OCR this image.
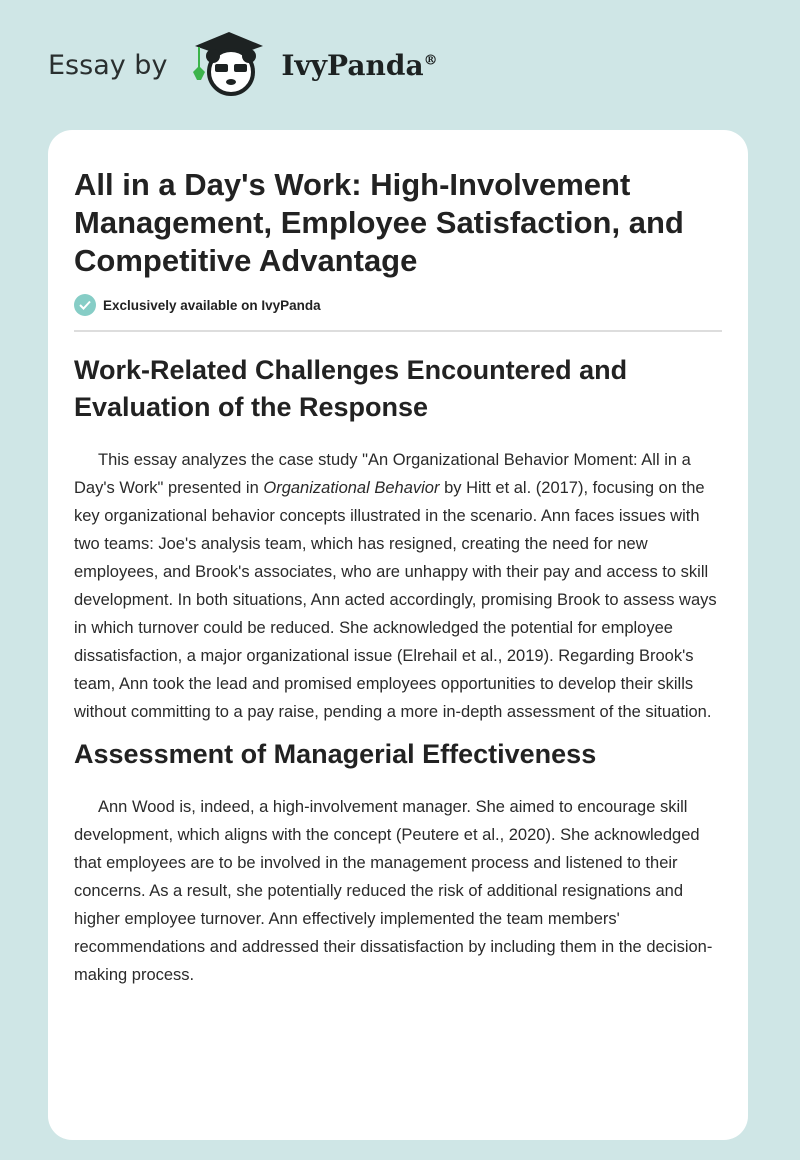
Essay by	IvyPanda®
All in a Day's Work: High-Involvement Management, Employee Satisfaction, and Competitive Advantage
Exclusively available on IvyPanda
Work-Related Challenges Encountered and Evaluation of the Response

This essay analyzes the case study "An Organizational Behavior Moment: All in a Day's Work" presented in Organizational Behavior by Hitt et al. (2017), focusing on the key organizational behavior concepts illustrated in the scenario. Ann faces issues with two teams: Joe's analysis team, which has resigned, creating the need for new employees, and Brook's associates, who are unhappy with their pay and access to skill development. In both situations, Ann acted accordingly, promising Brook to assess ways in which turnover could be reduced. She acknowledged the potential for employee dissatisfaction, a major organizational issue (Elrehail et al., 2019). Regarding Brook's team, Ann took the lead and promised employees opportunities to develop their skills without committing to a pay raise, pending a more in-depth assessment of the situation.

Assessment of Managerial Effectiveness

Ann Wood is, indeed, a high-involvement manager. She aimed to encourage skill development, which aligns with the concept (Peutere et al., 2020). She acknowledged that employees are to be involved in the management process and listened to their concerns. As a result, she potentially reduced the risk of additional resignations and higher employee turnover. Ann effectively implemented the team members' recommendations and addressed their dissatisfaction by including them in the decision-making process.
